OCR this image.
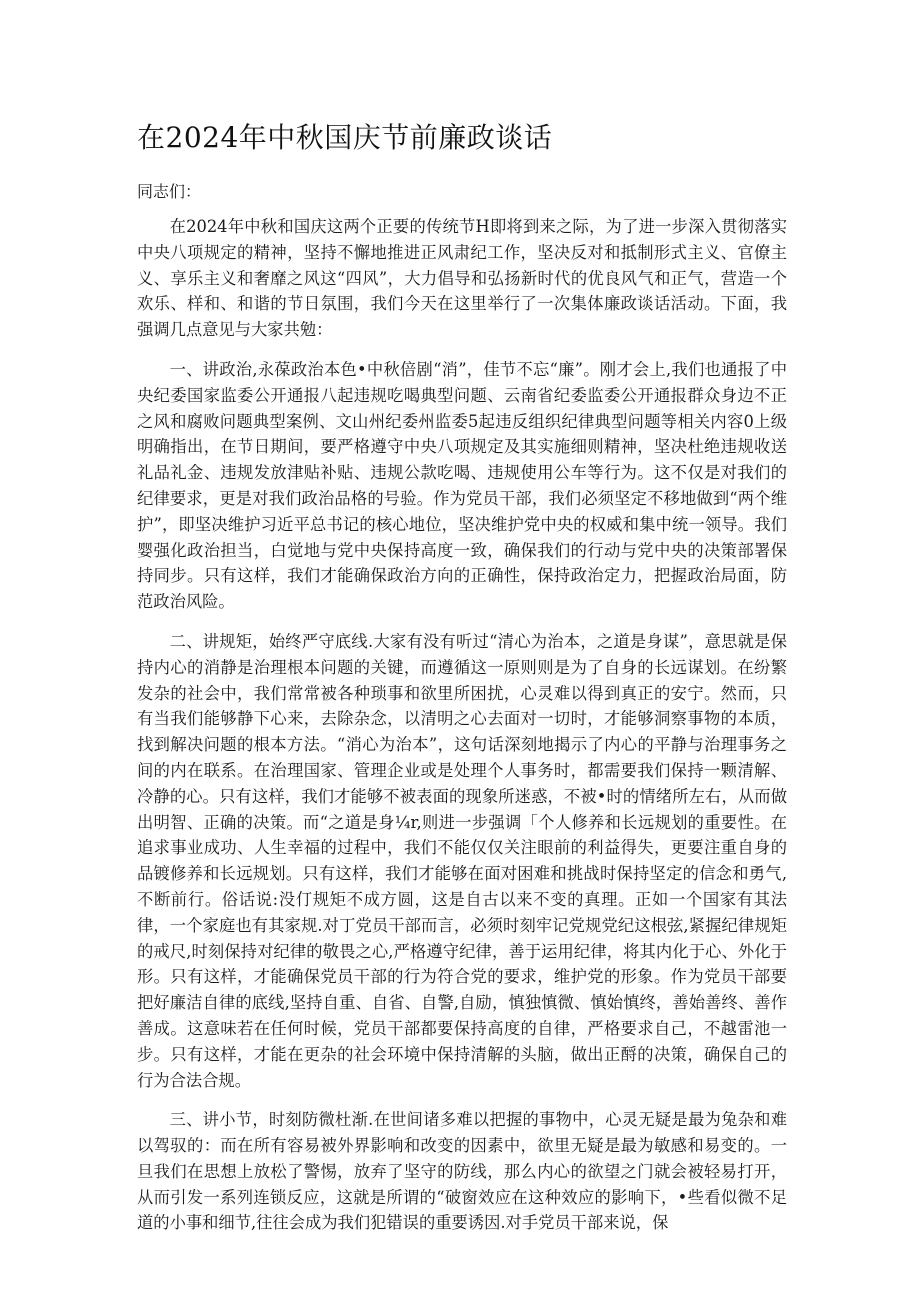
在2024年中秋国庆节前廉政谈话

同志们：

在2024年中秋和国庆这两个正要的传统节H即将到来之际，为了进一步深入贯彻落实中央八项规定的精神，坚持不懈地推进正风肃纪工作，坚决反对和抵制形式主义、官僚主义、享乐主义和奢靡之风这“四风”，大力倡导和弘扬新时代的优良风气和正气，营造一个欢乐、样和、和谐的节日氛围，我们今天在这里举行了一次集体廉政谈话活动。下面，我强调几点意见与大家共勉：

一、讲政治,永葆政治本色•中秋倍剧“消”，佳节不忘“廉”。刚才会上,我们也通报了中央纪委国家监委公开通报八起违规吃喝典型问题、云南省纪委监委公开通报群众身边不正之风和腐败问题典型案例、文山州纪委州监委5起违反组织纪律典型问题等相关内容0上级明确指出，在节日期间，要严格遵守中央八项规定及其实施细则精神，坚决杜绝违规收送礼品礼金、违规发放津贴补贴、违规公款吃喝、违规使用公车等行为。这不仅是对我们的纪律要求，更是对我们政治品格的号验。作为党员干部，我们必须坚定不移地做到“两个维护”，即坚决维护习近平总书记的核心地位，坚决维护党中央的权威和集中统一领导。我们婴强化政治担当，白觉地与党中央保持高度一致，确保我们的行动与党中央的决策部署保持同步。只有这样，我们才能确保政治方向的正确性，保持政治定力，把握政治局面，防范政治风险。

二、讲规矩，始终严守底线.大家有没有听过“清心为治本，之道是身谋”，意思就是保持内心的消静是治理根本问题的关键，而遵循这一原则则是为了自身的长远谋划。在纷繁发杂的社会中，我们常常被各种琐事和欲里所困扰，心灵难以得到真正的安宁。然而，只有当我们能够静下心来，去除杂念，以清明之心去面对一切时，才能够洞察事物的本质，找到解决问题的根本方法。“消心为治本”，这句话深刻地揭示了内心的平静与治理事务之间的内在联系。在治理国家、管理企业或是处理个人事务时，都需要我们保持一颗清解、冷静的心。只有这样，我们才能够不被表面的现象所迷惑，不被•时的情绪所左右，从而做出明智、正确的决策。而“之道是身¼r,则进一步强调「个人修养和长远规划的重要性。在追求事业成功、人生幸福的过程中，我们不能仅仅关注眼前的利益得失，更要注重自身的品镀修养和长远规划。只有这样，我们才能够在面对困难和挑战时保持坚定的信念和勇气,不断前行。俗话说:没仃规矩不成方圆，这是自古以来不变的真理。正如一个国家有其法律，一个家庭也有其家规.对丁党员干部而言，必须时刻牢记党规党纪这根弦,紧握纪律规矩的戒尺,时刻保持对纪律的敬畏之心,严格遵守纪律，善于运用纪律，将其内化于心、外化于形。只有这样，才能确保党员干部的行为符合党的要求，维护党的形象。作为党员干部要把好廉洁自律的底线,坚持自重、自省、自警,自励，慎独慎微、慎始慎终，善始善终、善作善成。这意味若在任何时候，党员干部都要保持高度的自律，严格要求自己，不越雷池一步。只有这样，才能在更杂的社会环境中保持清解的头脑，做出正酹的决策，确保自己的行为合法合规。

三、讲小节，时刻防微杜渐.在世间诸多难以把握的事物中，心灵无疑是最为兔杂和难以驾驭的：而在所有容易被外界影响和改变的因素中，欲里无疑是最为敏感和易变的。一旦我们在思想上放松了警惕，放弃了坚守的防线，那么内心的欲望之门就会被轻易打开，从而引发一系列连锁反应，这就是所谓的“破窗效应在这种效应的影响下，•些看似微不足道的小事和细节,往往会成为我们犯错误的重要诱因.对手党员干部来说，保
